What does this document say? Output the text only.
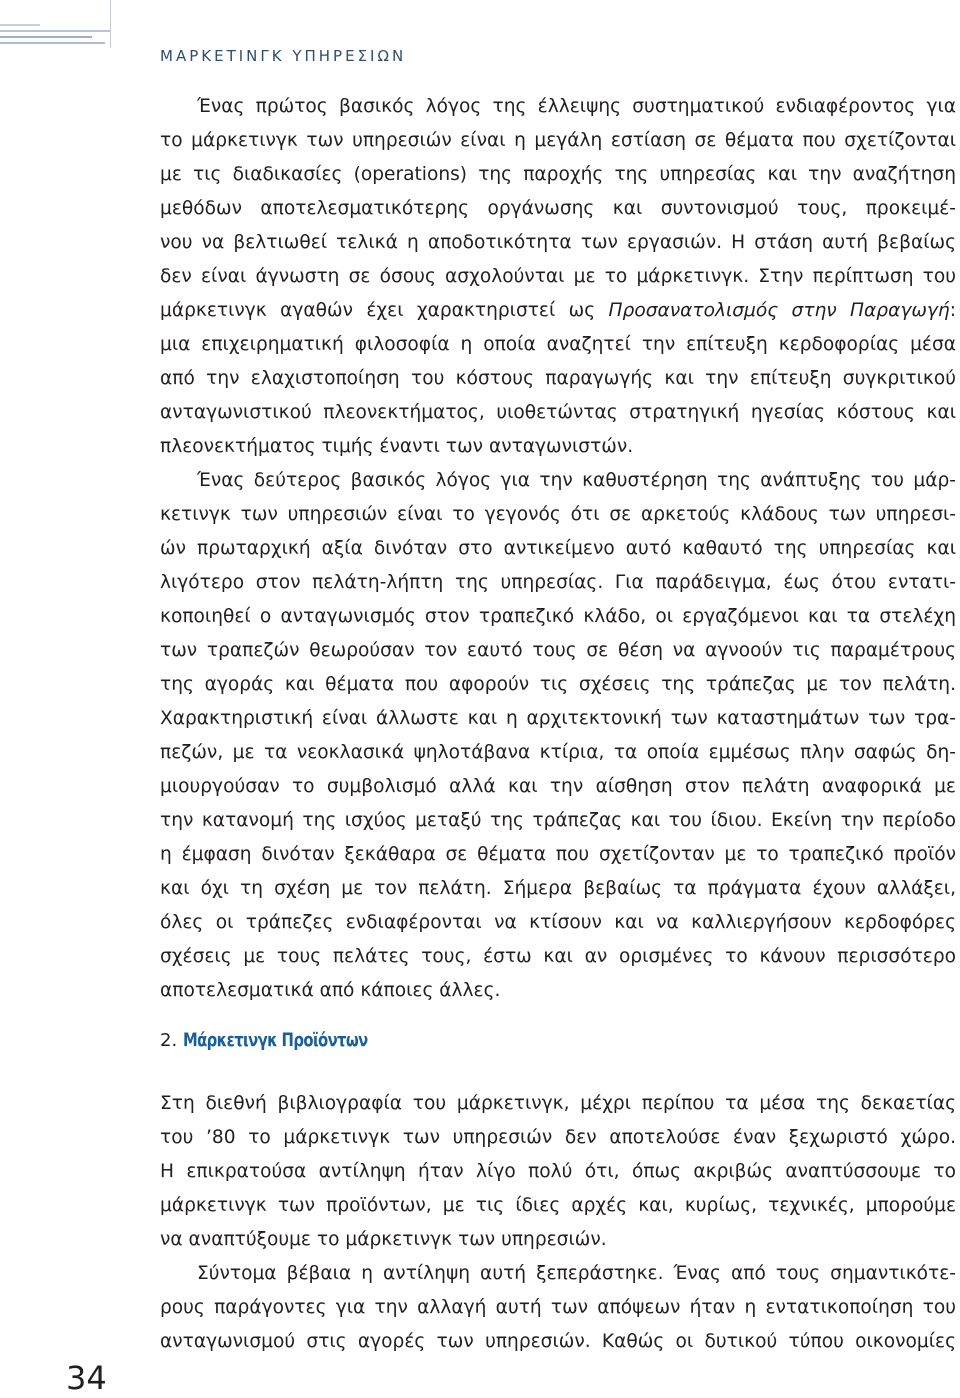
ΜΑΡΚΕΤΙΝΓΚ ΥΠΗΡΕΣΙΩΝ
Ένας πρώτος βασικός λόγος της έλλειψης συστηματικού ενδιαφέροντος για
το μάρκετινγκ των υπηρεσιών είναι η μεγάλη εστίαση σε θέματα που σχετίζονται
με τις διαδικασίες (operations) της παροχής της υπηρεσίας και την αναζήτηση
μεθόδων αποτελεσματικότερης οργάνωσης και συντονισμού τους, προκειμέ-
νου να βελτιωθεί τελικά η αποδοτικότητα των εργασιών. Η στάση αυτή βεβαίως
δεν είναι άγνωστη σε όσους ασχολούνται με το μάρκετινγκ. Στην περίπτωση του
μάρκετινγκ αγαθών έχει χαρακτηριστεί ως Προσανατολισμός στην Παραγωγή:
μια επιχειρηματική φιλοσοφία η οποία αναζητεί την επίτευξη κερδοφορίας μέσα
από την ελαχιστοποίηση του κόστους παραγωγής και την επίτευξη συγκριτικού
ανταγωνιστικού πλεονεκτήματος, υιοθετώντας στρατηγική ηγεσίας κόστους και
πλεονεκτήματος τιμής έναντι των ανταγωνιστών.
Ένας δεύτερος βασικός λόγος για την καθυστέρηση της ανάπτυξης του μάρ-
κετινγκ των υπηρεσιών είναι το γεγονός ότι σε αρκετούς κλάδους των υπηρεσι-
ών πρωταρχική αξία δινόταν στο αντικείμενο αυτό καθαυτό της υπηρεσίας και
λιγότερο στον πελάτη-λήπτη της υπηρεσίας. Για παράδειγμα, έως ότου εντατι-
κοποιηθεί ο ανταγωνισμός στον τραπεζικό κλάδο, οι εργαζόμενοι και τα στελέχη
των τραπεζών θεωρούσαν τον εαυτό τους σε θέση να αγνοούν τις παραμέτρους
της αγοράς και θέματα που αφορούν τις σχέσεις της τράπεζας με τον πελάτη.
Χαρακτηριστική είναι άλλωστε και η αρχιτεκτονική των καταστημάτων των τρα-
πεζών, με τα νεοκλασικά ψηλοτάβανα κτίρια, τα οποία εμμέσως πλην σαφώς δη-
μιουργούσαν το συμβολισμό αλλά και την αίσθηση στον πελάτη αναφορικά με
την κατανομή της ισχύος μεταξύ της τράπεζας και του ίδιου. Εκείνη την περίοδο
η έμφαση δινόταν ξεκάθαρα σε θέματα που σχετίζονταν με το τραπεζικό προϊόν
και όχι τη σχέση με τον πελάτη. Σήμερα βεβαίως τα πράγματα έχουν αλλάξει,
όλες οι τράπεζες ενδιαφέρονται να κτίσουν και να καλλιεργήσουν κερδοφόρες
σχέσεις με τους πελάτες τους, έστω και αν ορισμένες το κάνουν περισσότερο
αποτελεσματικά από κάποιες άλλες.
2. Μάρκετινγκ Προϊόντων
Στη διεθνή βιβλιογραφία του μάρκετινγκ, μέχρι περίπου τα μέσα της δεκαετίας
του ’80 το μάρκετινγκ των υπηρεσιών δεν αποτελούσε έναν ξεχωριστό χώρο.
Η επικρατούσα αντίληψη ήταν λίγο πολύ ότι, όπως ακριβώς αναπτύσσουμε το
μάρκετινγκ των προϊόντων, με τις ίδιες αρχές και, κυρίως, τεχνικές, μπορούμε
να αναπτύξουμε το μάρκετινγκ των υπηρεσιών.
Σύντομα βέβαια η αντίληψη αυτή ξεπεράστηκε. Ένας από τους σημαντικότε-
ρους παράγοντες για την αλλαγή αυτή των απόψεων ήταν η εντατικοποίηση του
ανταγωνισμού στις αγορές των υπηρεσιών. Καθώς οι δυτικού τύπου οικονομίες
34
